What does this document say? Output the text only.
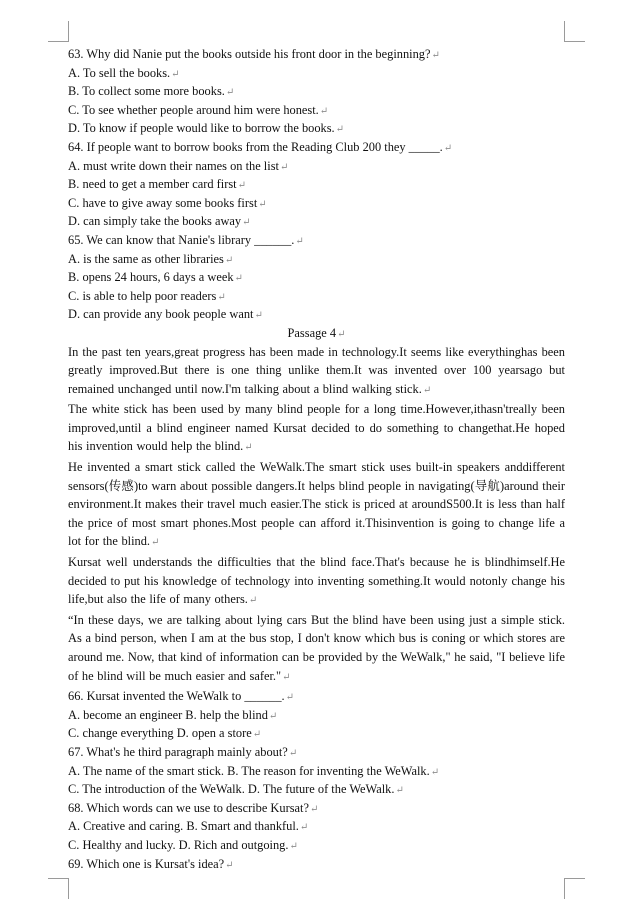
63. Why did Nanie put the books outside his front door in the beginning?↵
A. To sell the books.↵
B. To collect some more books.↵
C. To see whether people around him were honest.↵
D. To know if people would like to borrow the books.↵
64. If people want to borrow books from the Reading Club 200 they _____.↵
A. must write down their names on the list↵
B. need to get a member card first↵
C. have to give away some books first↵
D. can simply take the books away↵
65. We can know that Nanie's library ______.↵
A. is the same as other libraries↵
B. opens 24 hours, 6 days a week↵
C. is able to help poor readers↵
D. can provide any book people want↵
Passage 4↵

In the past ten years,great progress has been made in technology.It seems like everythinghas been greatly improved.But there is one thing unlike them.It was invented over 100 yearsago but remained unchanged until now.I'm talking about a blind walking stick.↵

The white stick has been used by many blind people for a long time.However,ithasn'treally been improved,until a blind engineer named Kursat decided to do something to changethat.He hoped his invention would help the blind.↵

He invented a smart stick called the WeWalk.The smart stick uses built-in speakers anddifferent sensors(传感)to warn about possible dangers.It helps blind people in navigating(导航)around their environment.It makes their travel much easier.The stick is priced at aroundS500.It is less than half the price of most smart phones.Most people can afford it.Thisinvention is going to change life a lot for the blind.↵

Kursat well understands the difficulties that the blind face.That's because he is blindhimself.He decided to put his knowledge of technology into inventing something.It would notonly change his life,but also the life of many others.↵

“In these days, we are talking about lying cars But the blind have been using just a simple stick. As a bind person, when I am at the bus stop, I don't know which bus is coning or which stores are around me. Now, that kind of information can be provided by the WeWalk," he said, "I believe life of he blind will be much easier and safer."↵

66. Kursat invented the WeWalk to ______.↵
A. become an engineer B. help the blind↵
C. change everything D. open a store↵
67. What's he third paragraph mainly about?↵
A. The name of the smart stick. B. The reason for inventing the WeWalk.↵
C. The introduction of the WeWalk. D. The future of the WeWalk.↵
68. Which words can we use to describe Kursat?↵
A. Creative and caring. B. Smart and thankful.↵
C. Healthy and lucky. D. Rich and outgoing.↵
69. Which one is Kursat's idea?↵
